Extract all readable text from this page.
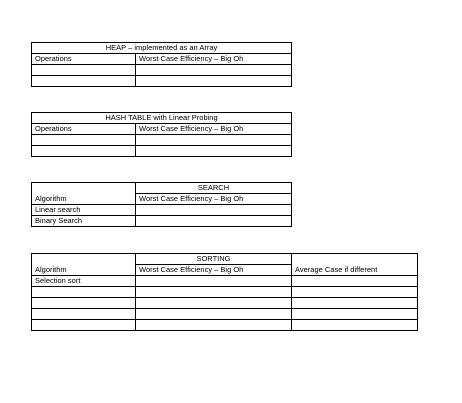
HEAP – implemented as an Array	
Operations	Worst Case Efficiency – Big Oh

HASH TABLE with Linear Probing	
Operations	Worst Case Efficiency – Big Oh

	SEARCH
Algorithm	Worst Case Efficiency – Big Oh
Linear search	
Binary Search	
	SORTING	
Algorithm	Worst Case Efficiency – Big Oh	Average Case if different
Selection sort		
